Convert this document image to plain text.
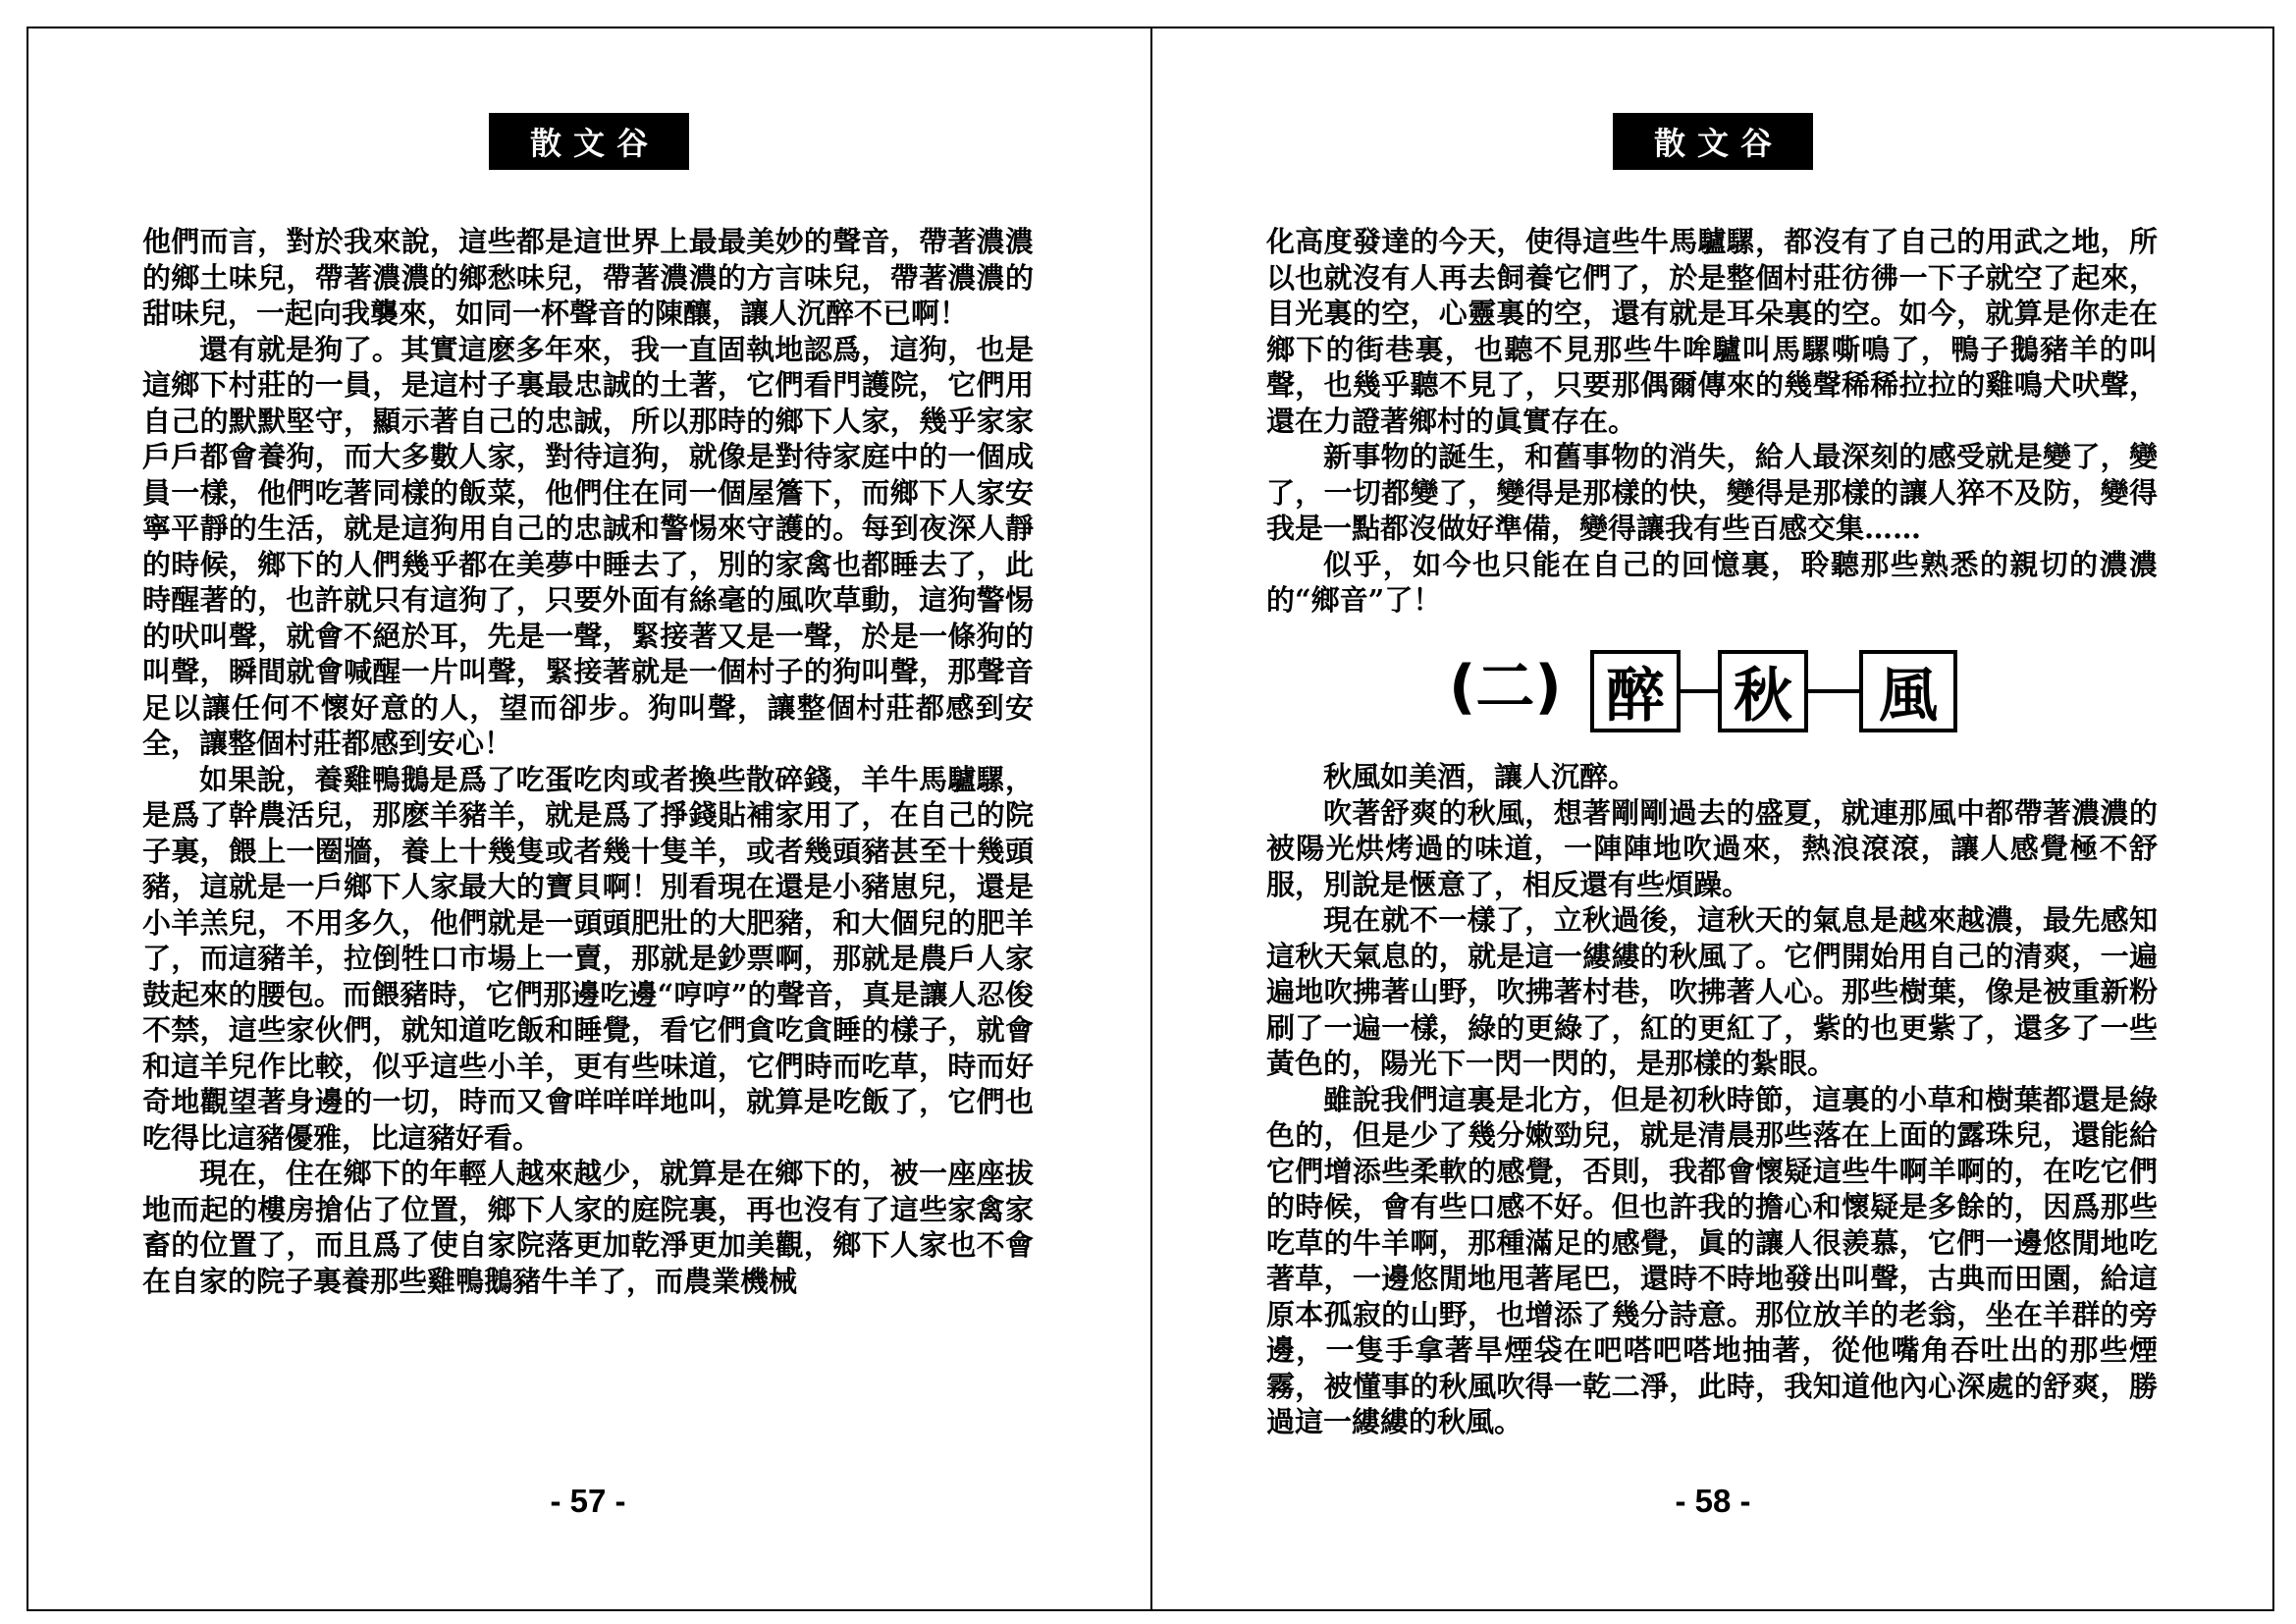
散文谷

他們而言，對於我來說，這些都是這世界上最最美妙的聲音，帶著濃濃的鄉土味兒，帶著濃濃的鄉愁味兒，帶著濃濃的方言味兒，帶著濃濃的甜味兒，一起向我襲來，如同一杯聲音的陳釀，讓人沉醉不已啊！

還有就是狗了。其實這麽多年來，我一直固執地認爲，這狗，也是這鄉下村莊的一員，是這村子裏最忠誠的土著，它們看門護院，它們用自己的默默堅守，顯示著自己的忠誠，所以那時的鄉下人家，幾乎家家戶戶都會養狗，而大多數人家，對待這狗，就像是對待家庭中的一個成員一樣，他們吃著同樣的飯菜，他們住在同一個屋簷下，而鄉下人家安寧平靜的生活，就是這狗用自己的忠誠和警惕來守護的。每到夜深人靜的時候，鄉下的人們幾乎都在美夢中睡去了，別的家禽也都睡去了，此時醒著的，也許就只有這狗了，只要外面有絲毫的風吹草動，這狗警惕的吠叫聲，就會不絕於耳，先是一聲，緊接著又是一聲，於是一條狗的叫聲，瞬間就會喊醒一片叫聲，緊接著就是一個村子的狗叫聲，那聲音足以讓任何不懷好意的人，望而卻步。狗叫聲，讓整個村莊都感到安全，讓整個村莊都感到安心！

如果說，養雞鴨鵝是爲了吃蛋吃肉或者換些散碎錢，羊牛馬驢騾，是爲了幹農活兒，那麽羊豬羊，就是爲了掙錢貼補家用了，在自己的院子裏，餵上一圈牆，養上十幾隻或者幾十隻羊，或者幾頭豬甚至十幾頭豬，這就是一戶鄉下人家最大的寶貝啊！別看現在還是小豬崽兒，還是小羊羔兒，不用多久，他們就是一頭頭肥壯的大肥豬，和大個兒的肥羊了，而這豬羊，拉倒牲口市場上一賣，那就是鈔票啊，那就是農戶人家鼓起來的腰包。而餵豬時，它們那邊吃邊“哼哼”的聲音，真是讓人忍俊不禁，這些家伙們，就知道吃飯和睡覺，看它們貪吃貪睡的樣子，就會和這羊兒作比較，似乎這些小羊，更有些味道，它們時而吃草，時而好奇地觀望著身邊的一切，時而又會咩咩咩地叫，就算是吃飯了，它們也吃得比這豬優雅，比這豬好看。

現在，住在鄉下的年輕人越來越少，就算是在鄉下的，被一座座拔地而起的樓房搶佔了位置，鄉下人家的庭院裏，再也沒有了這些家禽家畜的位置了，而且爲了使自家院落更加乾淨更加美觀，鄉下人家也不會在自家的院子裏養那些雞鴨鵝豬牛羊了，而農業機械

- 57 -
散文谷

化高度發達的今天，使得這些牛馬驢騾，都沒有了自己的用武之地，所以也就沒有人再去飼養它們了，於是整個村莊彷彿一下子就空了起來，目光裏的空，心靈裏的空，還有就是耳朵裏的空。如今，就算是你走在鄉下的街巷裏，也聽不見那些牛哞驢叫馬騾嘶鳴了，鴨子鵝豬羊的叫聲，也幾乎聽不見了，只要那偶爾傳來的幾聲稀稀拉拉的雞鳴犬吠聲，還在力證著鄉村的眞實存在。

新事物的誕生，和舊事物的消失，給人最深刻的感受就是變了，變了，一切都變了，變得是那樣的快，變得是那樣的讓人猝不及防，變得我是一點都沒做好準備，變得讓我有些百感交集……

似乎，如今也只能在自己的回憶裏，聆聽那些熟悉的親切的濃濃的“鄉音”了！

(二) 醉 秋	風

秋風如美酒，讓人沉醉。

吹著舒爽的秋風，想著剛剛過去的盛夏，就連那風中都帶著濃濃的被陽光烘烤過的味道，一陣陣地吹過來，熱浪滾滾，讓人感覺極不舒服，別說是愜意了，相反還有些煩躁。

現在就不一樣了，立秋過後，這秋天的氣息是越來越濃，最先感知這秋天氣息的，就是這一縷縷的秋風了。它們開始用自己的清爽，一遍遍地吹拂著山野，吹拂著村巷，吹拂著人心。那些樹葉，像是被重新粉刷了一遍一樣，綠的更綠了，紅的更紅了，紫的也更紫了，還多了一些黃色的，陽光下一閃一閃的，是那樣的紮眼。

雖說我們這裏是北方，但是初秋時節，這裏的小草和樹葉都還是綠色的，但是少了幾分嫩勁兒，就是清晨那些落在上面的露珠兒，還能給它們增添些柔軟的感覺，否則，我都會懷疑這些牛啊羊啊的，在吃它們的時候，會有些口感不好。但也許我的擔心和懷疑是多餘的，因爲那些吃草的牛羊啊，那種滿足的感覺，眞的讓人很羨慕，它們一邊悠閒地吃著草，一邊悠閒地甩著尾巴，還時不時地發出叫聲，古典而田園，給這原本孤寂的山野，也增添了幾分詩意。那位放羊的老翁，坐在羊群的旁邊，一隻手拿著旱煙袋在吧嗒吧嗒地抽著，從他嘴角吞吐出的那些煙霧，被懂事的秋風吹得一乾二淨，此時，我知道他內心深處的舒爽，勝過這一縷縷的秋風。

- 58 -
